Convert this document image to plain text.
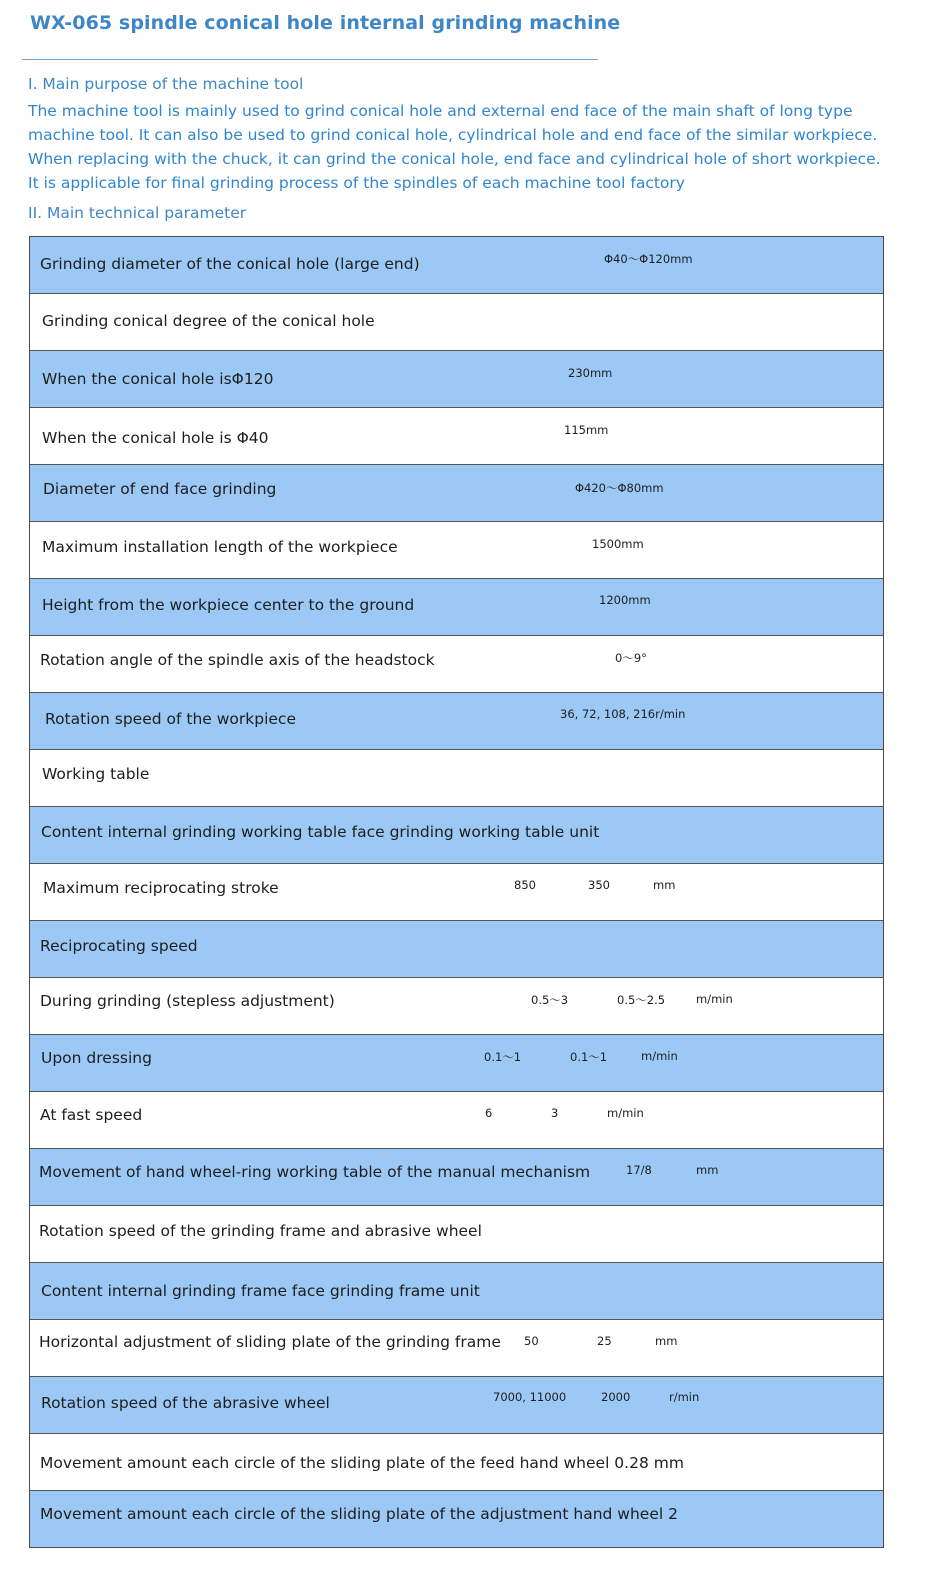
WX-065 spindle conical hole internal grinding machine
I. Main purpose of the machine tool
The machine tool is mainly used to grind conical hole and external end face of the main shaft of long type
machine tool. It can also be used to grind conical hole, cylindrical hole and end face of the similar workpiece.
When replacing with the chuck, it can grind the conical hole, end face and cylindrical hole of short workpiece.
It is applicable for final grinding process of the spindles of each machine tool factory
II. Main technical parameter
Grinding diameter of the conical hole (large end)	Φ40～Φ120mm
Grinding conical degree of the conical hole
When the conical hole isΦ120	230mm
When the conical hole is Φ40	115mm
Diameter of end face grinding	Φ420～Φ80mm
Maximum installation length of the workpiece	1500mm
Height from the workpiece center to the ground	1200mm
Rotation angle of the spindle axis of the headstock	0～9°
Rotation speed of the workpiece	36, 72, 108, 216r/min
Working table
Content internal grinding working table face grinding working table unit
Maximum reciprocating stroke	850	350	mm
Reciprocating speed
During grinding (stepless adjustment)	0.5～3	0.5～2.5	m/min
Upon dressing	0.1～1	0.1～1	m/min
At fast speed	6	3	m/min
Movement of hand wheel-ring working table of the manual mechanism	17/8	mm
Rotation speed of the grinding frame and abrasive wheel
Content internal grinding frame face grinding frame unit
Horizontal adjustment of sliding plate of the grinding frame 50	25	mm
Rotation speed of the abrasive wheel	7000, 11000	2000	r/min
Movement amount each circle of the sliding plate of the feed hand wheel 0.28 mm
Movement amount each circle of the sliding plate of the adjustment hand wheel 2
